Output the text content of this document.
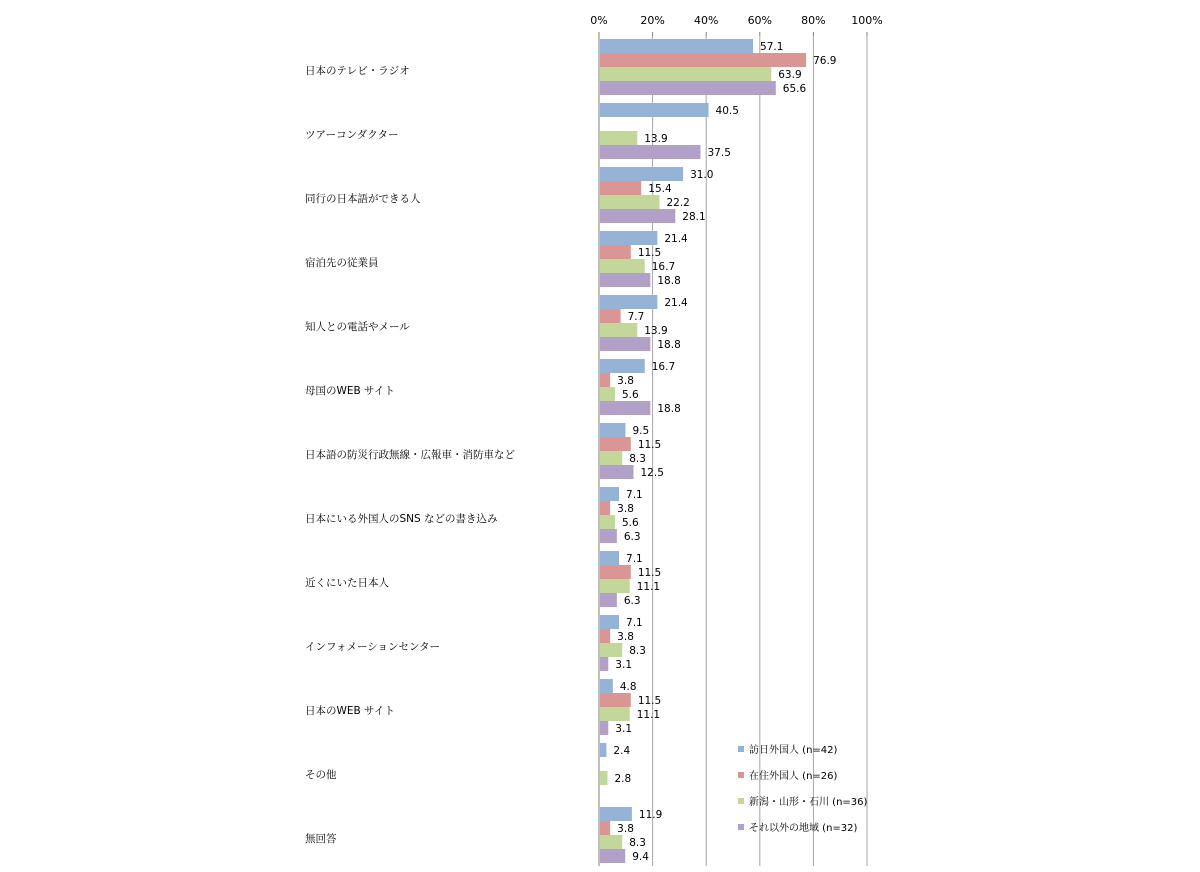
0%	20%	40%	60%	80% 100%
日本のテレビ・ラジオ
ツアーコンダクター
同行の日本語ができる人
宿泊先の従業員
知人との電話やメール
母国のWEB サイト
日本語の防災行政無線・広報車・消防車など
日本にいる外国人のSNS などの書き込み
近くにいた日本人
インフォメーションセンター
日本のWEB サイト
その他
無回答
57.1
76.9
63.9
65.6
40.5
13.9
37.5
31.0
15.4
22.2
28.1
21.4
11.5
16.7
18.8
21.4
7.7
13.9
18.8
16.7
3.8
5.6
18.8
9.5
11.5
8.3
12.5
7.1
3.8
5.6
6.3
7.1
11.5
11.1
6.3
7.1
3.8
8.3
3.1
4.8
11.5
11.1
3.1
2.4
2.8
11.9
3.8
8.3
9.4
訪日外国人 (n=42)
在住外国人 (n=26)
新潟・山形・石川 (n=36)
それ以外の地域 (n=32)
